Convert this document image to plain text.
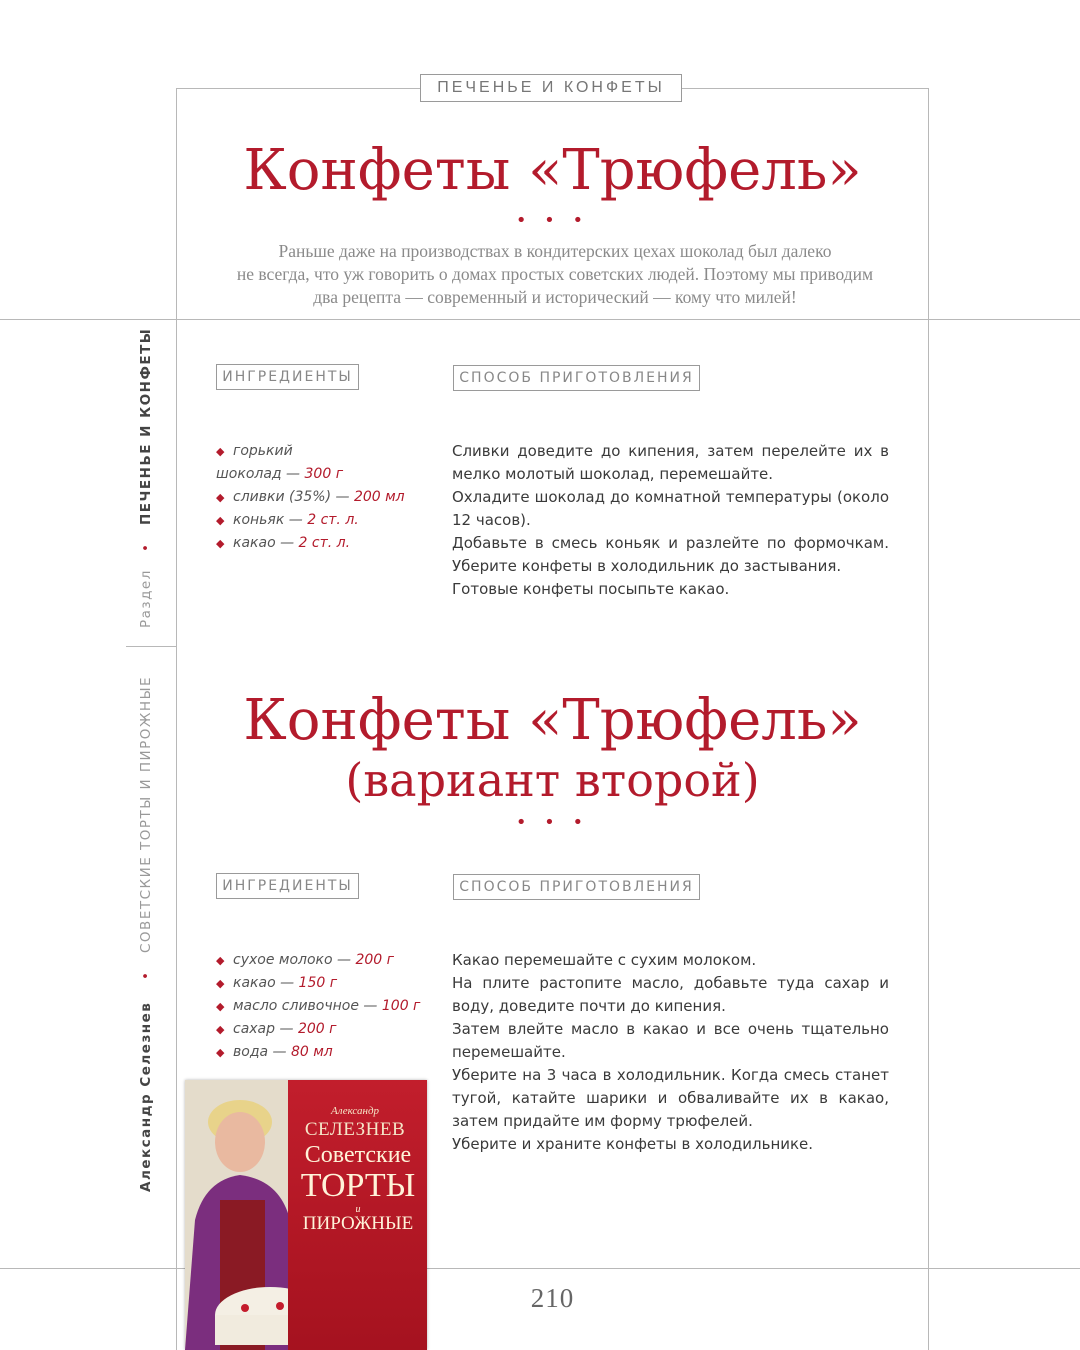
ПЕЧЕНЬЕ И КОНФЕТЫ
Конфеты «Трюфель»
• • •
Раньше даже на производствах в кондитерских цехах шоколад был далеко
не всегда, что уж говорить о домах простых советских людей. Поэтому мы приводим
два рецепта — современный и исторический — кому что милей!
ИНГРЕДИЕНТЫ	СПОСОБ ПРИГОТОВЛЕНИЯ
◆ горький
шоколад — 300 г
◆ сливки (35%) — 200 мл
◆ коньяк — 2 ст. л.
◆ какао — 2 ст. л.

Сливки доведите до кипения, затем перелейте их в мелко молотый шоколад, перемешайте.

Охладите шоколад до комнатной температуры (около 12 часов).

Добавьте в смесь коньяк и разлейте по формочкам. Уберите конфеты в холодильник до застывания.

Готовые конфеты посыпьте какао.

Конфеты «Трюфель»
(вариант второй)
• • •
ИНГРЕДИЕНТЫ	СПОСОБ ПРИГОТОВЛЕНИЯ
◆ сухое молоко — 200 г
◆ какао — 150 г
◆ масло сливочное — 100 г
◆ сахар — 200 г
◆ вода — 80 мл

Какао перемешайте с сухим молоком.

На плите растопите масло, добавьте туда сахар и воду, доведите почти до кипения.

Затем влейте масло в какао и все очень тщательно перемешайте.

Уберите на 3 часа в холодильник. Когда смесь станет тугой, катайте шарики и обваливайте их в какао, затем придайте им форму трюфелей.

Уберите и храните конфеты в холодильнике.

Раздел
•
ПЕЧЕНЬЕ И КОНФЕТЫ
Александр Селезнев
•
СОВЕТСКИЕ ТОРТЫ И ПИРОЖНЫЕ
Александр
СЕЛЕЗНЕВ
Советские
ТОРТЫ
и
ПИРОЖНЫЕ
210
